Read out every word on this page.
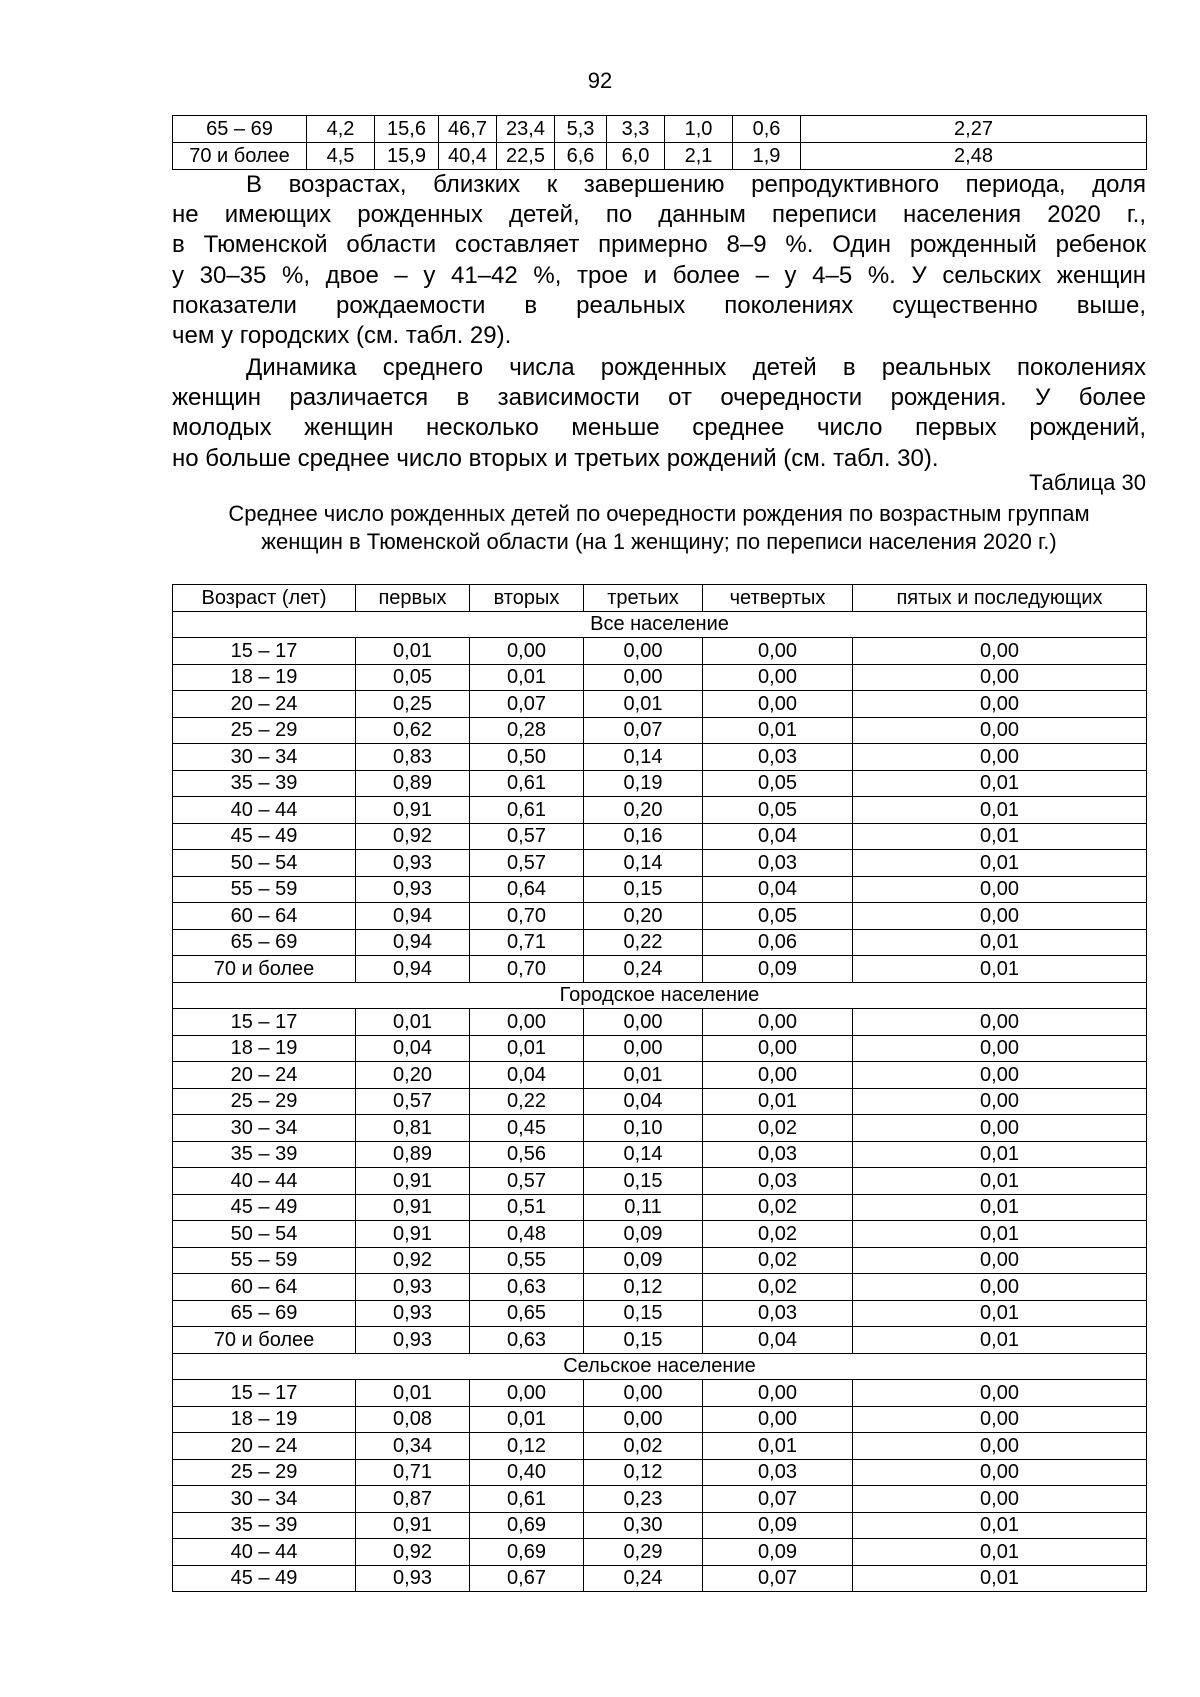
92
65 – 69	4,2	15,6	46,7	23,4	5,3	3,3	1,0	0,6	2,27
70 и более	4,5	15,9	40,4	22,5	6,6	6,0	2,1	1,9	2,48
В возрастах, близких к завершению репродуктивного периода, доля
не имеющих рожденных детей, по данным переписи населения 2020 г.,
в Тюменской области составляет примерно 8–9 %. Один рожденный ребенок
у 30–35 %, двое – у 41–42 %, трое и более – у 4–5 %. У сельских женщин
показатели рождаемости в реальных поколениях существенно выше,
чем у городских (см. табл. 29).
Динамика среднего числа рожденных детей в реальных поколениях
женщин различается в зависимости от очередности рождения. У более
молодых женщин несколько меньше среднее число первых рождений,
но больше среднее число вторых и третьих рождений (см. табл. 30).
Таблица 30
Среднее число рожденных детей по очередности рождения по возрастным группам
женщин в Тюменской области (на 1 женщину; по переписи населения 2020 г.)
Возраст (лет)	первых	вторых	третьих	четвертых	пятых и последующих
Все население					
15 – 17	0,01	0,00	0,00	0,00	0,00
18 – 19	0,05	0,01	0,00	0,00	0,00
20 – 24	0,25	0,07	0,01	0,00	0,00
25 – 29	0,62	0,28	0,07	0,01	0,00
30 – 34	0,83	0,50	0,14	0,03	0,00
35 – 39	0,89	0,61	0,19	0,05	0,01
40 – 44	0,91	0,61	0,20	0,05	0,01
45 – 49	0,92	0,57	0,16	0,04	0,01
50 – 54	0,93	0,57	0,14	0,03	0,01
55 – 59	0,93	0,64	0,15	0,04	0,00
60 – 64	0,94	0,70	0,20	0,05	0,00
65 – 69	0,94	0,71	0,22	0,06	0,01
70 и более	0,94	0,70	0,24	0,09	0,01
Городское население					
15 – 17	0,01	0,00	0,00	0,00	0,00
18 – 19	0,04	0,01	0,00	0,00	0,00
20 – 24	0,20	0,04	0,01	0,00	0,00
25 – 29	0,57	0,22	0,04	0,01	0,00
30 – 34	0,81	0,45	0,10	0,02	0,00
35 – 39	0,89	0,56	0,14	0,03	0,01
40 – 44	0,91	0,57	0,15	0,03	0,01
45 – 49	0,91	0,51	0,11	0,02	0,01
50 – 54	0,91	0,48	0,09	0,02	0,01
55 – 59	0,92	0,55	0,09	0,02	0,00
60 – 64	0,93	0,63	0,12	0,02	0,00
65 – 69	0,93	0,65	0,15	0,03	0,01
70 и более	0,93	0,63	0,15	0,04	0,01
Сельское население					
15 – 17	0,01	0,00	0,00	0,00	0,00
18 – 19	0,08	0,01	0,00	0,00	0,00
20 – 24	0,34	0,12	0,02	0,01	0,00
25 – 29	0,71	0,40	0,12	0,03	0,00
30 – 34	0,87	0,61	0,23	0,07	0,00
35 – 39	0,91	0,69	0,30	0,09	0,01
40 – 44	0,92	0,69	0,29	0,09	0,01
45 – 49	0,93	0,67	0,24	0,07	0,01
